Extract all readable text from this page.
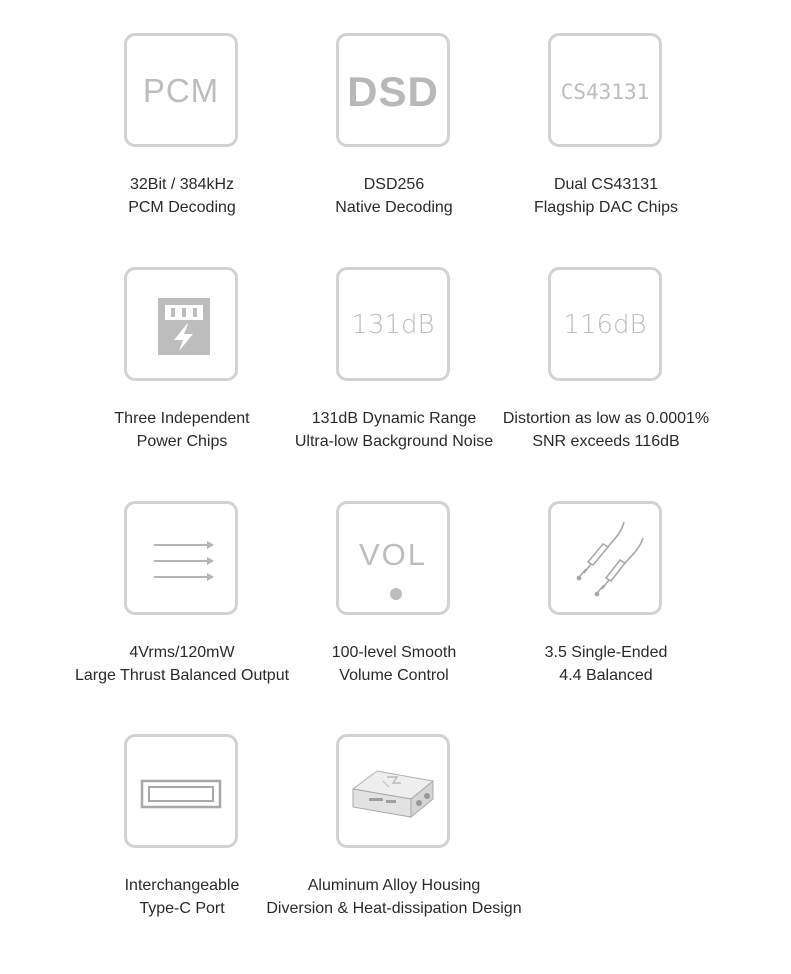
PCM
32Bit / 384kHz
PCM Decoding
DSD
DSD256
Native Decoding
CS43131
Dual CS43131
Flagship DAC Chips
Three Independent
Power Chips
131dB
131dB Dynamic Range
Ultra-low Background Noise
116dB
Distortion as low as 0.0001%
SNR exceeds 116dB
4Vrms/120mW
Large Thrust Balanced Output
VOL
100-level Smooth
Volume Control
3.5 Single-Ended
4.4 Balanced
Interchangeable
Type-C Port
Aluminum Alloy Housing
Diversion & Heat-dissipation Design
